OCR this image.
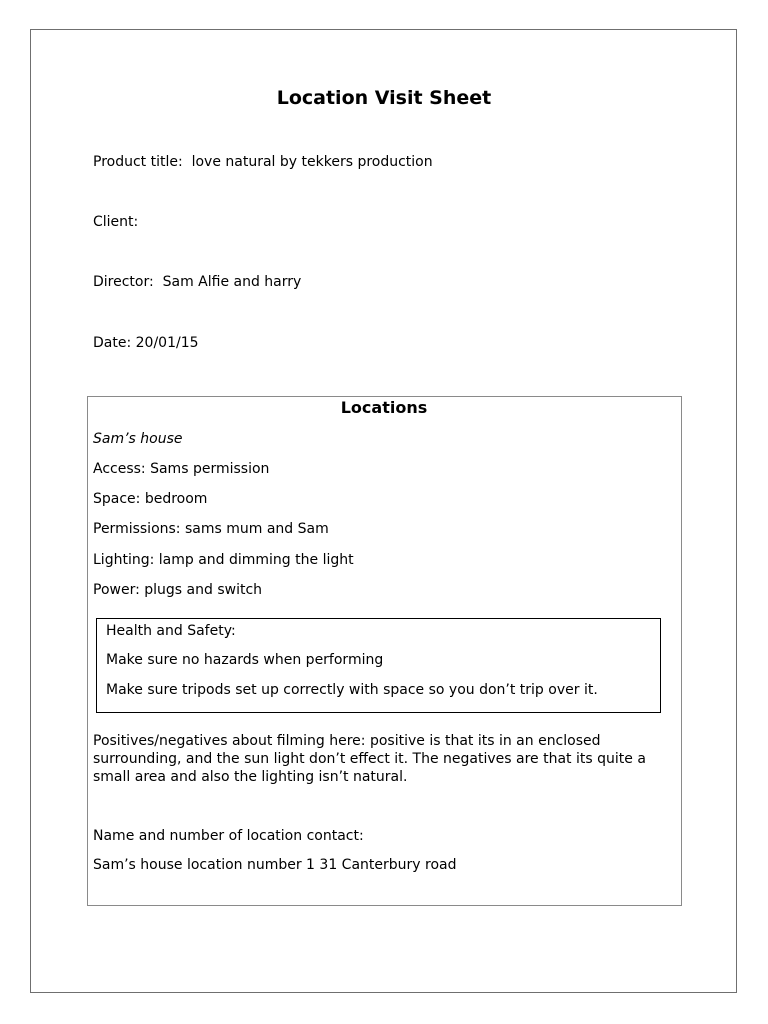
Location Visit Sheet
Product title:  love natural by tekkers production
Client:
Director:  Sam Alfie and harry
Date: 20/01/15
Locations
Sam’s house
Access: Sams permission
Space: bedroom
Permissions: sams mum and Sam
Lighting: lamp and dimming the light
Power: plugs and switch
Health and Safety:
Make sure no hazards when performing
Make sure tripods set up correctly with space so you don’t trip over it.
Positives/negatives about filming here: positive is that its in an enclosed surrounding, and the sun light don’t effect it. The negatives are that its quite a small area and also the lighting isn’t natural.
Name and number of location contact:
Sam’s house location number 1 31 Canterbury road
